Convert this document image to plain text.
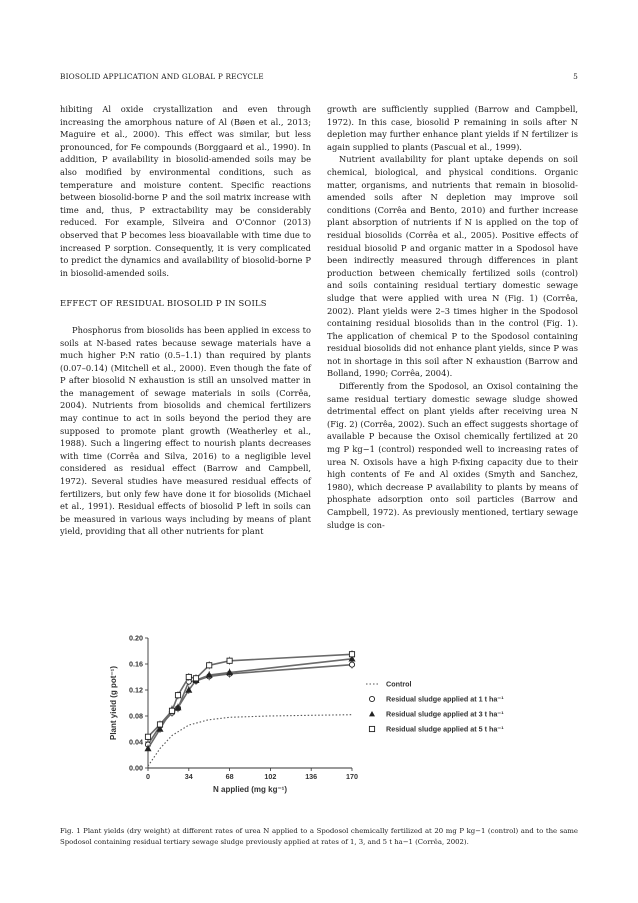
BIOSOLID APPLICATION AND GLOBAL P RECYCLE	5

hibiting Al oxide crystallization and even through increasing the amorphous nature of Al (Bøen et al., 2013; Maguire et al., 2000). This effect was similar, but less pronounced, for Fe compounds (Borggaard et al., 1990). In addition, P availability in biosolid-amended soils may be also modified by environmental conditions, such as temperature and moisture content. Specific reactions between biosolid-borne P and the soil matrix increase with time and, thus, P extractability may be considerably reduced. For example, Silveira and O'Connor (2013) observed that P becomes less bioavailable with time due to increased P sorption. Consequently, it is very complicated to predict the dynamics and availability of biosolid-borne P in biosolid-amended soils.

EFFECT OF RESIDUAL BIOSOLID P IN SOILS

Phosphorus from biosolids has been applied in excess to soils at N-based rates because sewage materials have a much higher P:N ratio (0.5–1.1) than required by plants (0.07–0.14) (Mitchell et al., 2000). Even though the fate of P after biosolid N exhaustion is still an unsolved matter in the management of sewage materials in soils (Corrêa, 2004). Nutrients from biosolids and chemical fertilizers may continue to act in soils beyond the period they are supposed to promote plant growth (Weatherley et al., 1988). Such a lingering effect to nourish plants decreases with time (Corrêa and Silva, 2016) to a negligible level considered as residual effect (Barrow and Campbell, 1972). Several studies have measured residual effects of fertilizers, but only few have done it for biosolids (Michael et al., 1991). Residual effects of biosolid P left in soils can be measured in various ways including by means of plant yield, providing that all other nutrients for plant

growth are sufficiently supplied (Barrow and Campbell, 1972). In this case, biosolid P remaining in soils after N depletion may further enhance plant yields if N fertilizer is again supplied to plants (Pascual et al., 1999).

Nutrient availability for plant uptake depends on soil chemical, biological, and physical conditions. Organic matter, organisms, and nutrients that remain in biosolid-amended soils after N depletion may improve soil conditions (Corrêa and Bento, 2010) and further increase plant absorption of nutrients if N is applied on the top of residual biosolids (Corrêa et al., 2005). Positive effects of residual biosolid P and organic matter in a Spodosol have been indirectly measured through differences in plant production between chemically fertilized soils (control) and soils containing residual tertiary domestic sewage sludge that were applied with urea N (Fig. 1) (Corrêa, 2002). Plant yields were 2–3 times higher in the Spodosol containing residual biosolids than in the control (Fig. 1). The application of chemical P to the Spodosol containing residual biosolids did not enhance plant yields, since P was not in shortage in this soil after N exhaustion (Barrow and Bolland, 1990; Corrêa, 2004).

Differently from the Spodosol, an Oxisol containing the same residual tertiary domestic sewage sludge showed detrimental effect on plant yields after receiving urea N (Fig. 2) (Corrêa, 2002). Such an effect suggests shortage of available P because the Oxisol chemically fertilized at 20 mg P kg−1 (control) responded well to increasing rates of urea N. Oxisols have a high P-fixing capacity due to their high contents of Fe and Al oxides (Smyth and Sanchez, 1980), which decrease P availability to plants by means of phosphate adsorption onto soil particles (Barrow and Campbell, 1972). As previously mentioned, tertiary sewage sludge is con-

0	34	68	102	136	170
0.00
0.04
0.08
0.12
0.16
0.20
N applied (mg kg⁻¹)
Plant yield (g pot⁻¹)	Control
Residual sludge applied at 1 t ha⁻¹
Residual sludge applied at 3 t ha⁻¹
Residual sludge applied at 5 t ha⁻¹
Fig. 1 Plant yields (dry weight) at different rates of urea N applied to a Spodosol chemically fertilized at 20 mg P kg−1 (control) and to the same Spodosol containing residual tertiary sewage sludge previously applied at rates of 1, 3, and 5 t ha−1 (Corrêa, 2002).
